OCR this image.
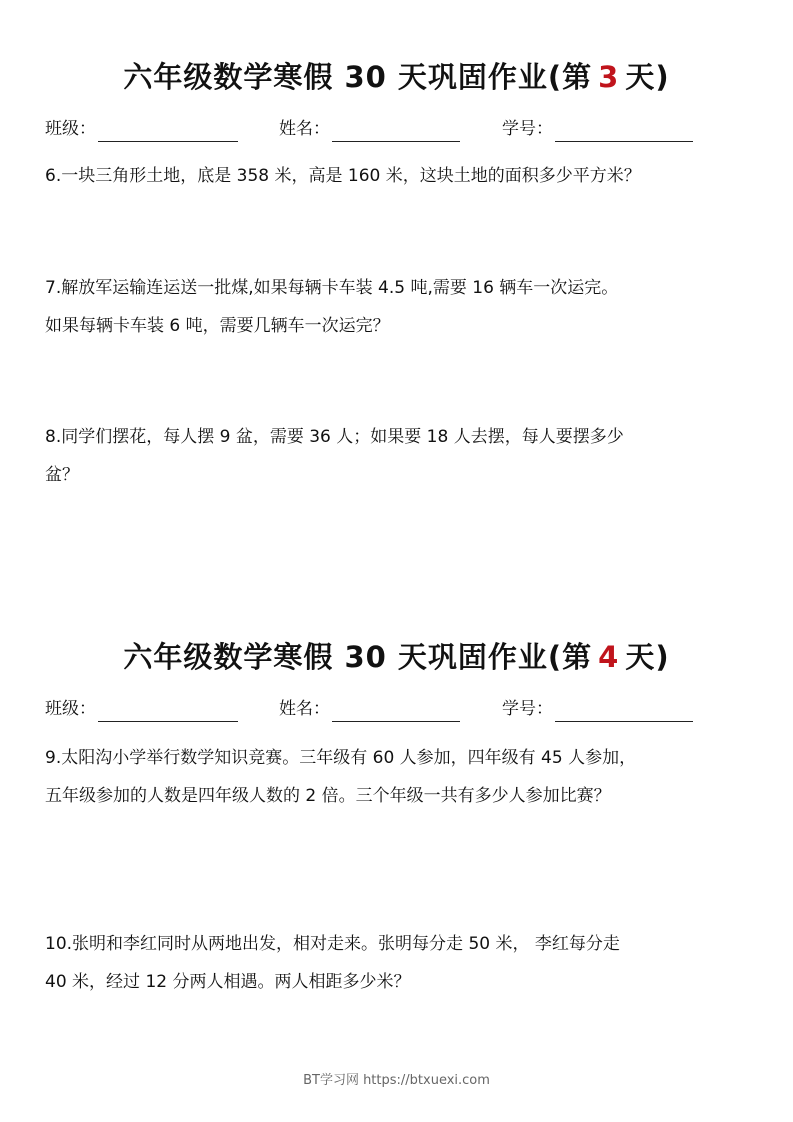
六年级数学寒假 30 天巩固作业(第 3 天)
班级：	姓名：	学号：
6.一块三角形土地，底是 358 米，高是 160 米，这块土地的面积多少平方米？
7.解放军运输连运送一批煤,如果每辆卡车装 4.5 吨,需要 16 辆车一次运完。
如果每辆卡车装 6 吨，需要几辆车一次运完？
8.同学们摆花，每人摆 9 盆，需要 36 人；如果要 18 人去摆，每人要摆多少
盆？
六年级数学寒假 30 天巩固作业(第 4 天)
班级：	姓名：	学号：
9.太阳沟小学举行数学知识竞赛。三年级有 60 人参加，四年级有 45 人参加，
五年级参加的人数是四年级人数的 2 倍。三个年级一共有多少人参加比赛？
10.张明和李红同时从两地出发，相对走来。张明每分走 50 米， 李红每分走
40 米，经过 12 分两人相遇。两人相距多少米？
BT学习网 https://btxuexi.com
